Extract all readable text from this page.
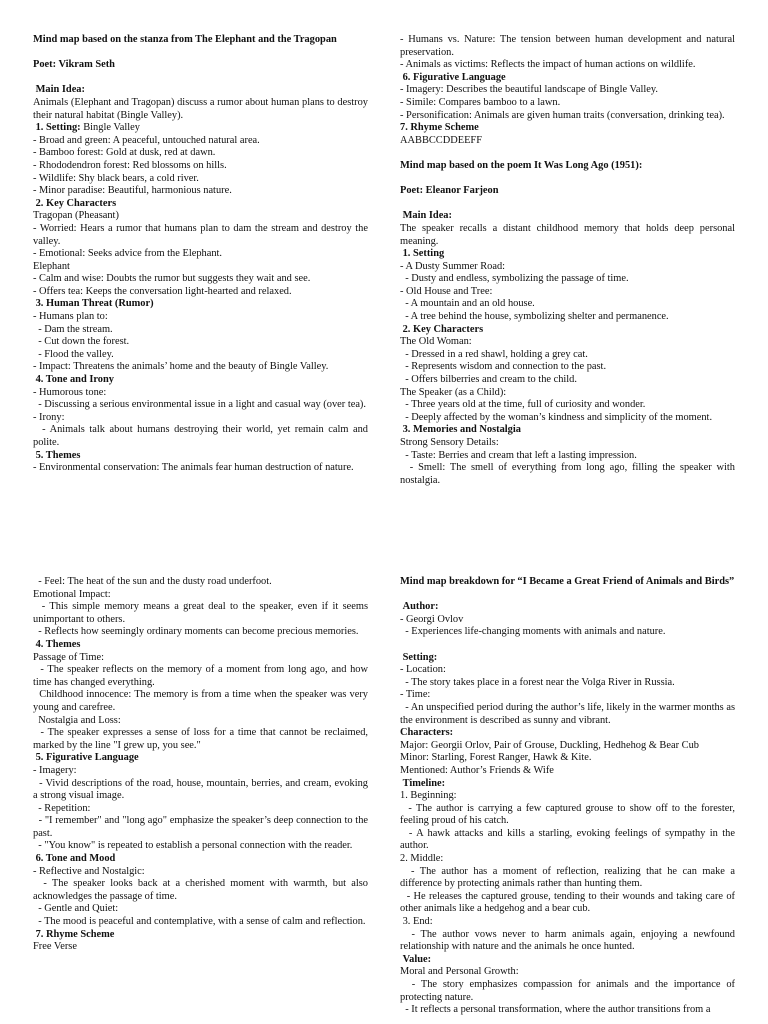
Mind map based on the stanza from The Elephant and the Tragopan
Poet: Vikram Seth
Main Idea:
Animals (Elephant and Tragopan) discuss a rumor about human plans to destroy their natural habitat (Bingle Valley).
1. Setting: Bingle Valley
- Broad and green: A peaceful, untouched natural area.
- Bamboo forest: Gold at dusk, red at dawn.
- Rhododendron forest: Red blossoms on hills.
- Wildlife: Shy black bears, a cold river.
- Minor paradise: Beautiful, harmonious nature.
2. Key Characters
Tragopan (Pheasant)
- Worried: Hears a rumor that humans plan to dam the stream and destroy the valley.
- Emotional: Seeks advice from the Elephant.
Elephant
- Calm and wise: Doubts the rumor but suggests they wait and see.
- Offers tea: Keeps the conversation light-hearted and relaxed.
3. Human Threat (Rumor)
- Humans plan to:
- Dam the stream.
- Cut down the forest.
- Flood the valley.
- Impact: Threatens the animals’ home and the beauty of Bingle Valley.
4. Tone and Irony
- Humorous tone:
- Discussing a serious environmental issue in a light and casual way (over tea).
- Irony:
- Animals talk about humans destroying their world, yet remain calm and polite.
5. Themes
- Environmental conservation: The animals fear human destruction of nature.
- Humans vs. Nature: The tension between human development and natural preservation.
- Animals as victims: Reflects the impact of human actions on wildlife.
6. Figurative Language
- Imagery: Describes the beautiful landscape of Bingle Valley.
- Simile: Compares bamboo to a lawn.
- Personification: Animals are given human traits (conversation, drinking tea).
7. Rhyme Scheme
AABBCCDDEEFF
Mind map based on the poem It Was Long Ago (1951):
Poet: Eleanor Farjeon
Main Idea:
The speaker recalls a distant childhood memory that holds deep personal meaning.
1. Setting
- A Dusty Summer Road:
- Dusty and endless, symbolizing the passage of time.
- Old House and Tree:
- A mountain and an old house.
- A tree behind the house, symbolizing shelter and permanence.
2. Key Characters
The Old Woman:
- Dressed in a red shawl, holding a grey cat.
- Represents wisdom and connection to the past.
- Offers bilberries and cream to the child.
The Speaker (as a Child):
- Three years old at the time, full of curiosity and wonder.
- Deeply affected by the woman’s kindness and simplicity of the moment.
3. Memories and Nostalgia
Strong Sensory Details:
- Taste: Berries and cream that left a lasting impression.
- Smell: The smell of everything from long ago, filling the speaker with nostalgia.
- Feel: The heat of the sun and the dusty road underfoot.
Emotional Impact:
- This simple memory means a great deal to the speaker, even if it seems unimportant to others.
- Reflects how seemingly ordinary moments can become precious memories.
4. Themes
Passage of Time:
- The speaker reflects on the memory of a moment from long ago, and how time has changed everything.
Childhood innocence: The memory is from a time when the speaker was very young and carefree.
Nostalgia and Loss:
- The speaker expresses a sense of loss for a time that cannot be reclaimed, marked by the line "I grew up, you see."
5. Figurative Language
- Imagery:
- Vivid descriptions of the road, house, mountain, berries, and cream, evoking a strong visual image.
- Repetition:
- "I remember" and "long ago" emphasize the speaker’s deep connection to the past.
- "You know" is repeated to establish a personal connection with the reader.
6. Tone and Mood
- Reflective and Nostalgic:
- The speaker looks back at a cherished moment with warmth, but also acknowledges the passage of time.
- Gentle and Quiet:
- The mood is peaceful and contemplative, with a sense of calm and reflection.
7. Rhyme Scheme
Free Verse
Mind map breakdown for “I Became a Great Friend of Animals and Birds”
Author:
- Georgi Ovlov
- Experiences life-changing moments with animals and nature.
Setting:
- Location:
- The story takes place in a forest near the Volga River in Russia.
- Time:
- An unspecified period during the author’s life, likely in the warmer months as the environment is described as sunny and vibrant.
Characters:
Major: Georgii Orlov, Pair of Grouse, Duckling, Hedhehog & Bear Cub
Minor: Starling, Forest Ranger, Hawk & Kite.
Mentioned: Author’s Friends & Wife
Timeline:
1. Beginning:
- The author is carrying a few captured grouse to show off to the forester, feeling proud of his catch.
- A hawk attacks and kills a starling, evoking feelings of sympathy in the author.
2. Middle:
- The author has a moment of reflection, realizing that he can make a difference by protecting animals rather than hunting them.
- He releases the captured grouse, tending to their wounds and taking care of other animals like a hedgehog and a bear cub.
3. End:
- The author vows never to harm animals again, enjoying a newfound relationship with nature and the animals he once hunted.
Value:
Moral and Personal Growth:
- The story emphasizes compassion for animals and the importance of protecting nature.
- It reflects a personal transformation, where the author transitions from a
